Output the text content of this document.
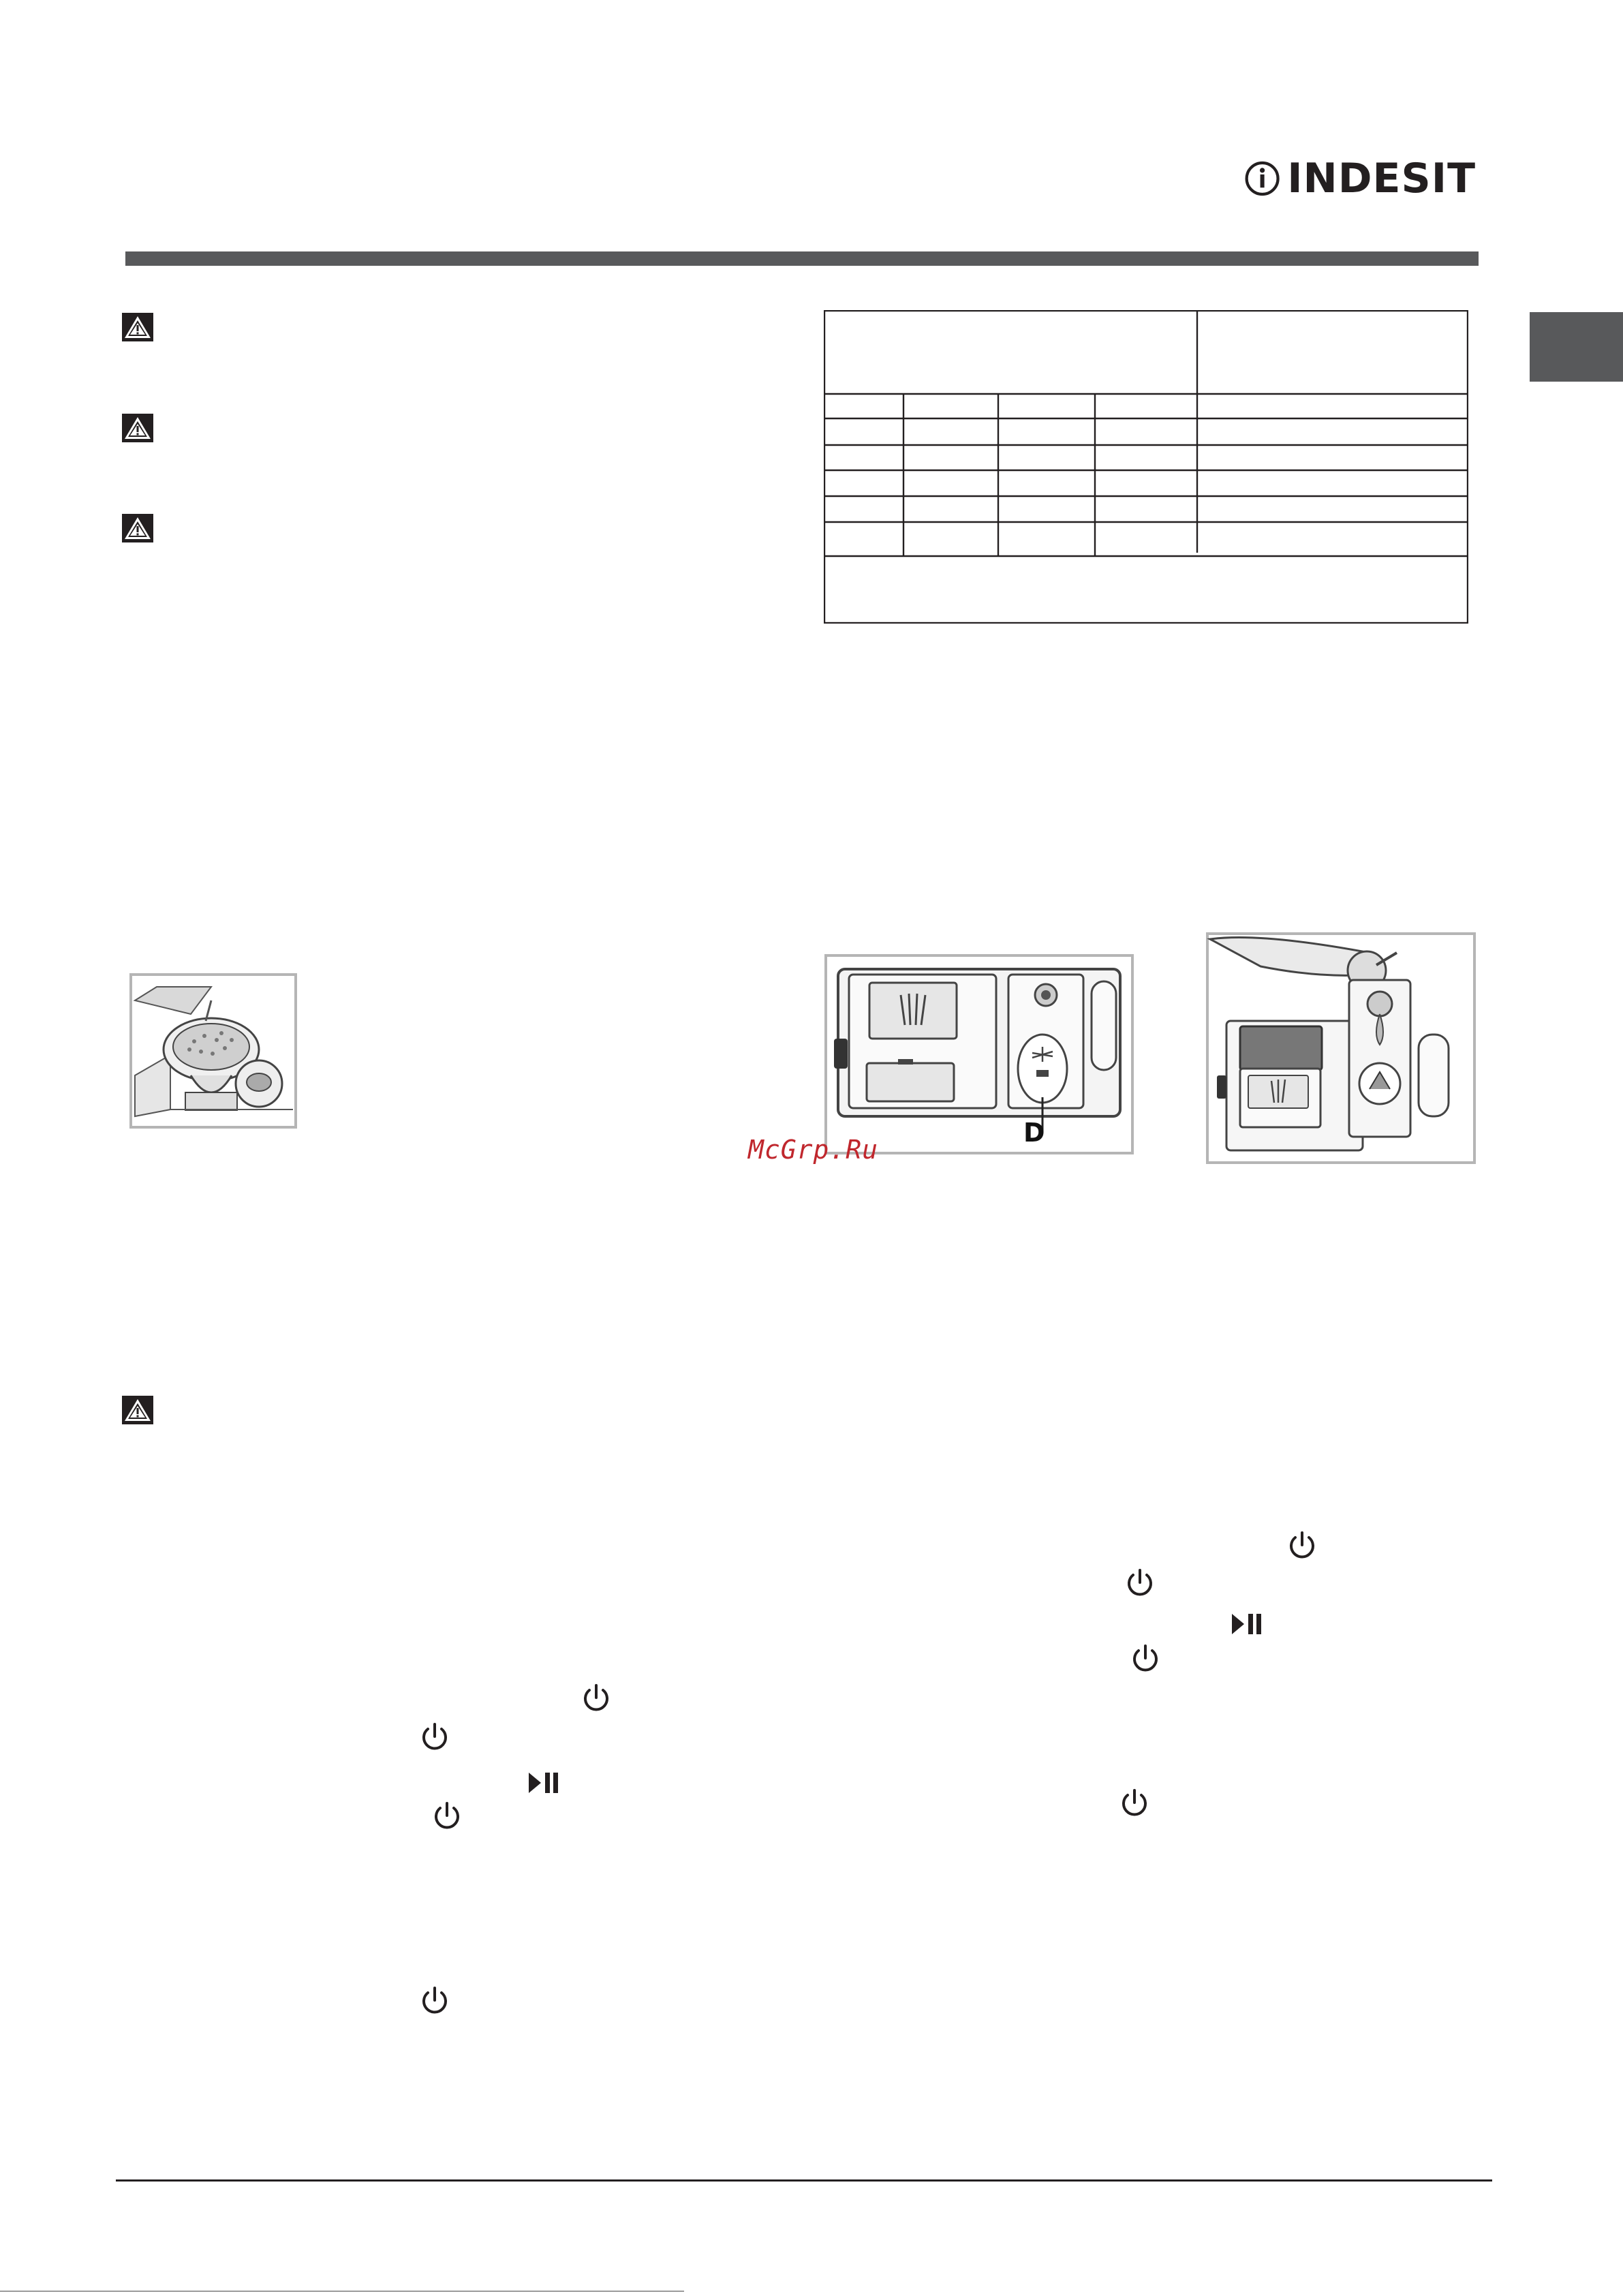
INDESIT
D
McGrp.Ru
